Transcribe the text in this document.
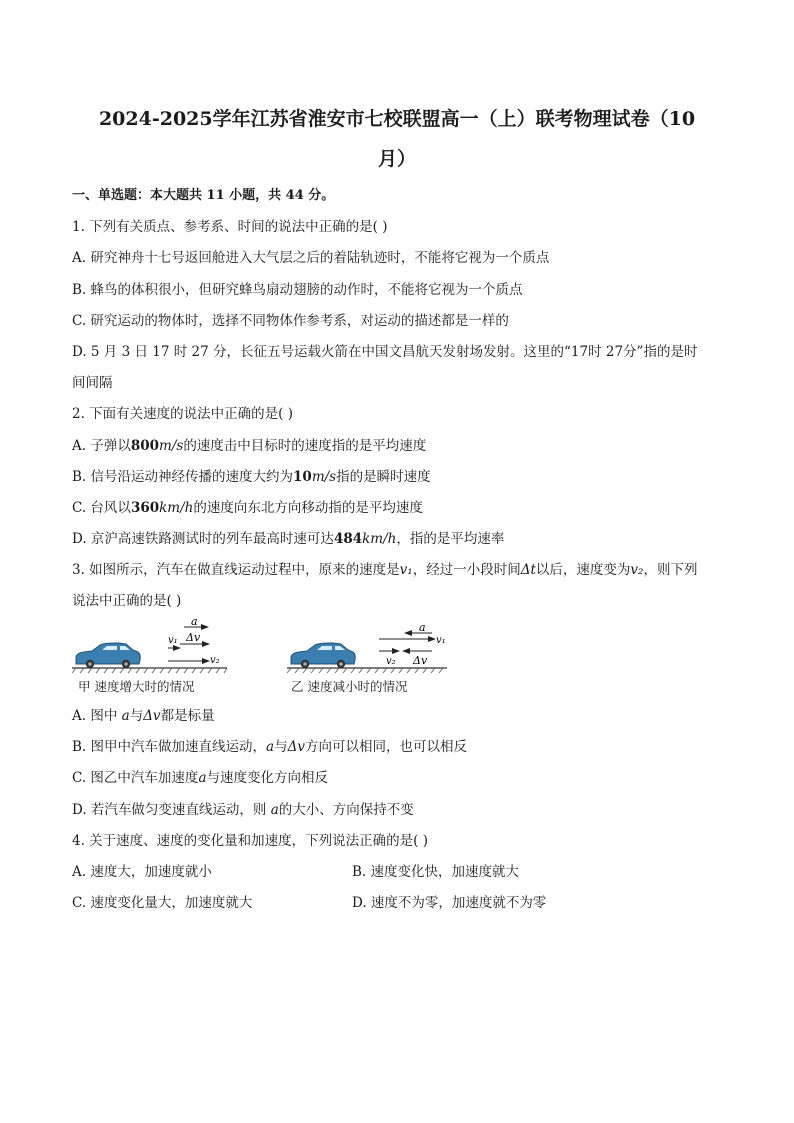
2024-2025学年江苏省淮安市七校联盟高一（上）联考物理试卷（10
月）
一、单选题：本大题共 11 小题，共 44 分。
1. 下列有关质点、参考系、时间的说法中正确的是( )
A. 研究神舟十七号返回舱进入大气层之后的着陆轨迹时，不能将它视为一个质点
B. 蜂鸟的体积很小，但研究蜂鸟扇动翅膀的动作时，不能将它视为一个质点
C. 研究运动的物体时，选择不同物体作参考系，对运动的描述都是一样的
D. 5 月 3 日 17 时 27 分，长征五号运载火箭在中国文昌航天发射场发射。这里的“17时 27分”指的是时
间间隔
2. 下面有关速度的说法中正确的是( )
A. 子弹以800m/s的速度击中目标时的速度指的是平均速度
B. 信号沿运动神经传播的速度大约为10m/s指的是瞬时速度
C. 台风以360km/h的速度向东北方向移动指的是平均速度
D. 京沪高速铁路测试时的列车最高时速可达484km/h，指的是平均速率
3. 如图所示，汽车在做直线运动过程中，原来的速度是v₁，经过一小段时间Δt以后，速度变为v₂，则下列
说法中正确的是( )
a
Δv
v₁
v₂
a
v₁
v₂ Δv
甲 速度增大时的情况	乙 速度减小时的情况
A. 图中 a与Δv都是标量
B. 图甲中汽车做加速直线运动，a与Δv方向可以相同，也可以相反
C. 图乙中汽车加速度a与速度变化方向相反
D. 若汽车做匀变速直线运动，则 a的大小、方向保持不变
4. 关于速度、速度的变化量和加速度，下列说法正确的是( )
A. 速度大，加速度就小	B. 速度变化快，加速度就大
C. 速度变化量大，加速度就大	D. 速度不为零，加速度就不为零
